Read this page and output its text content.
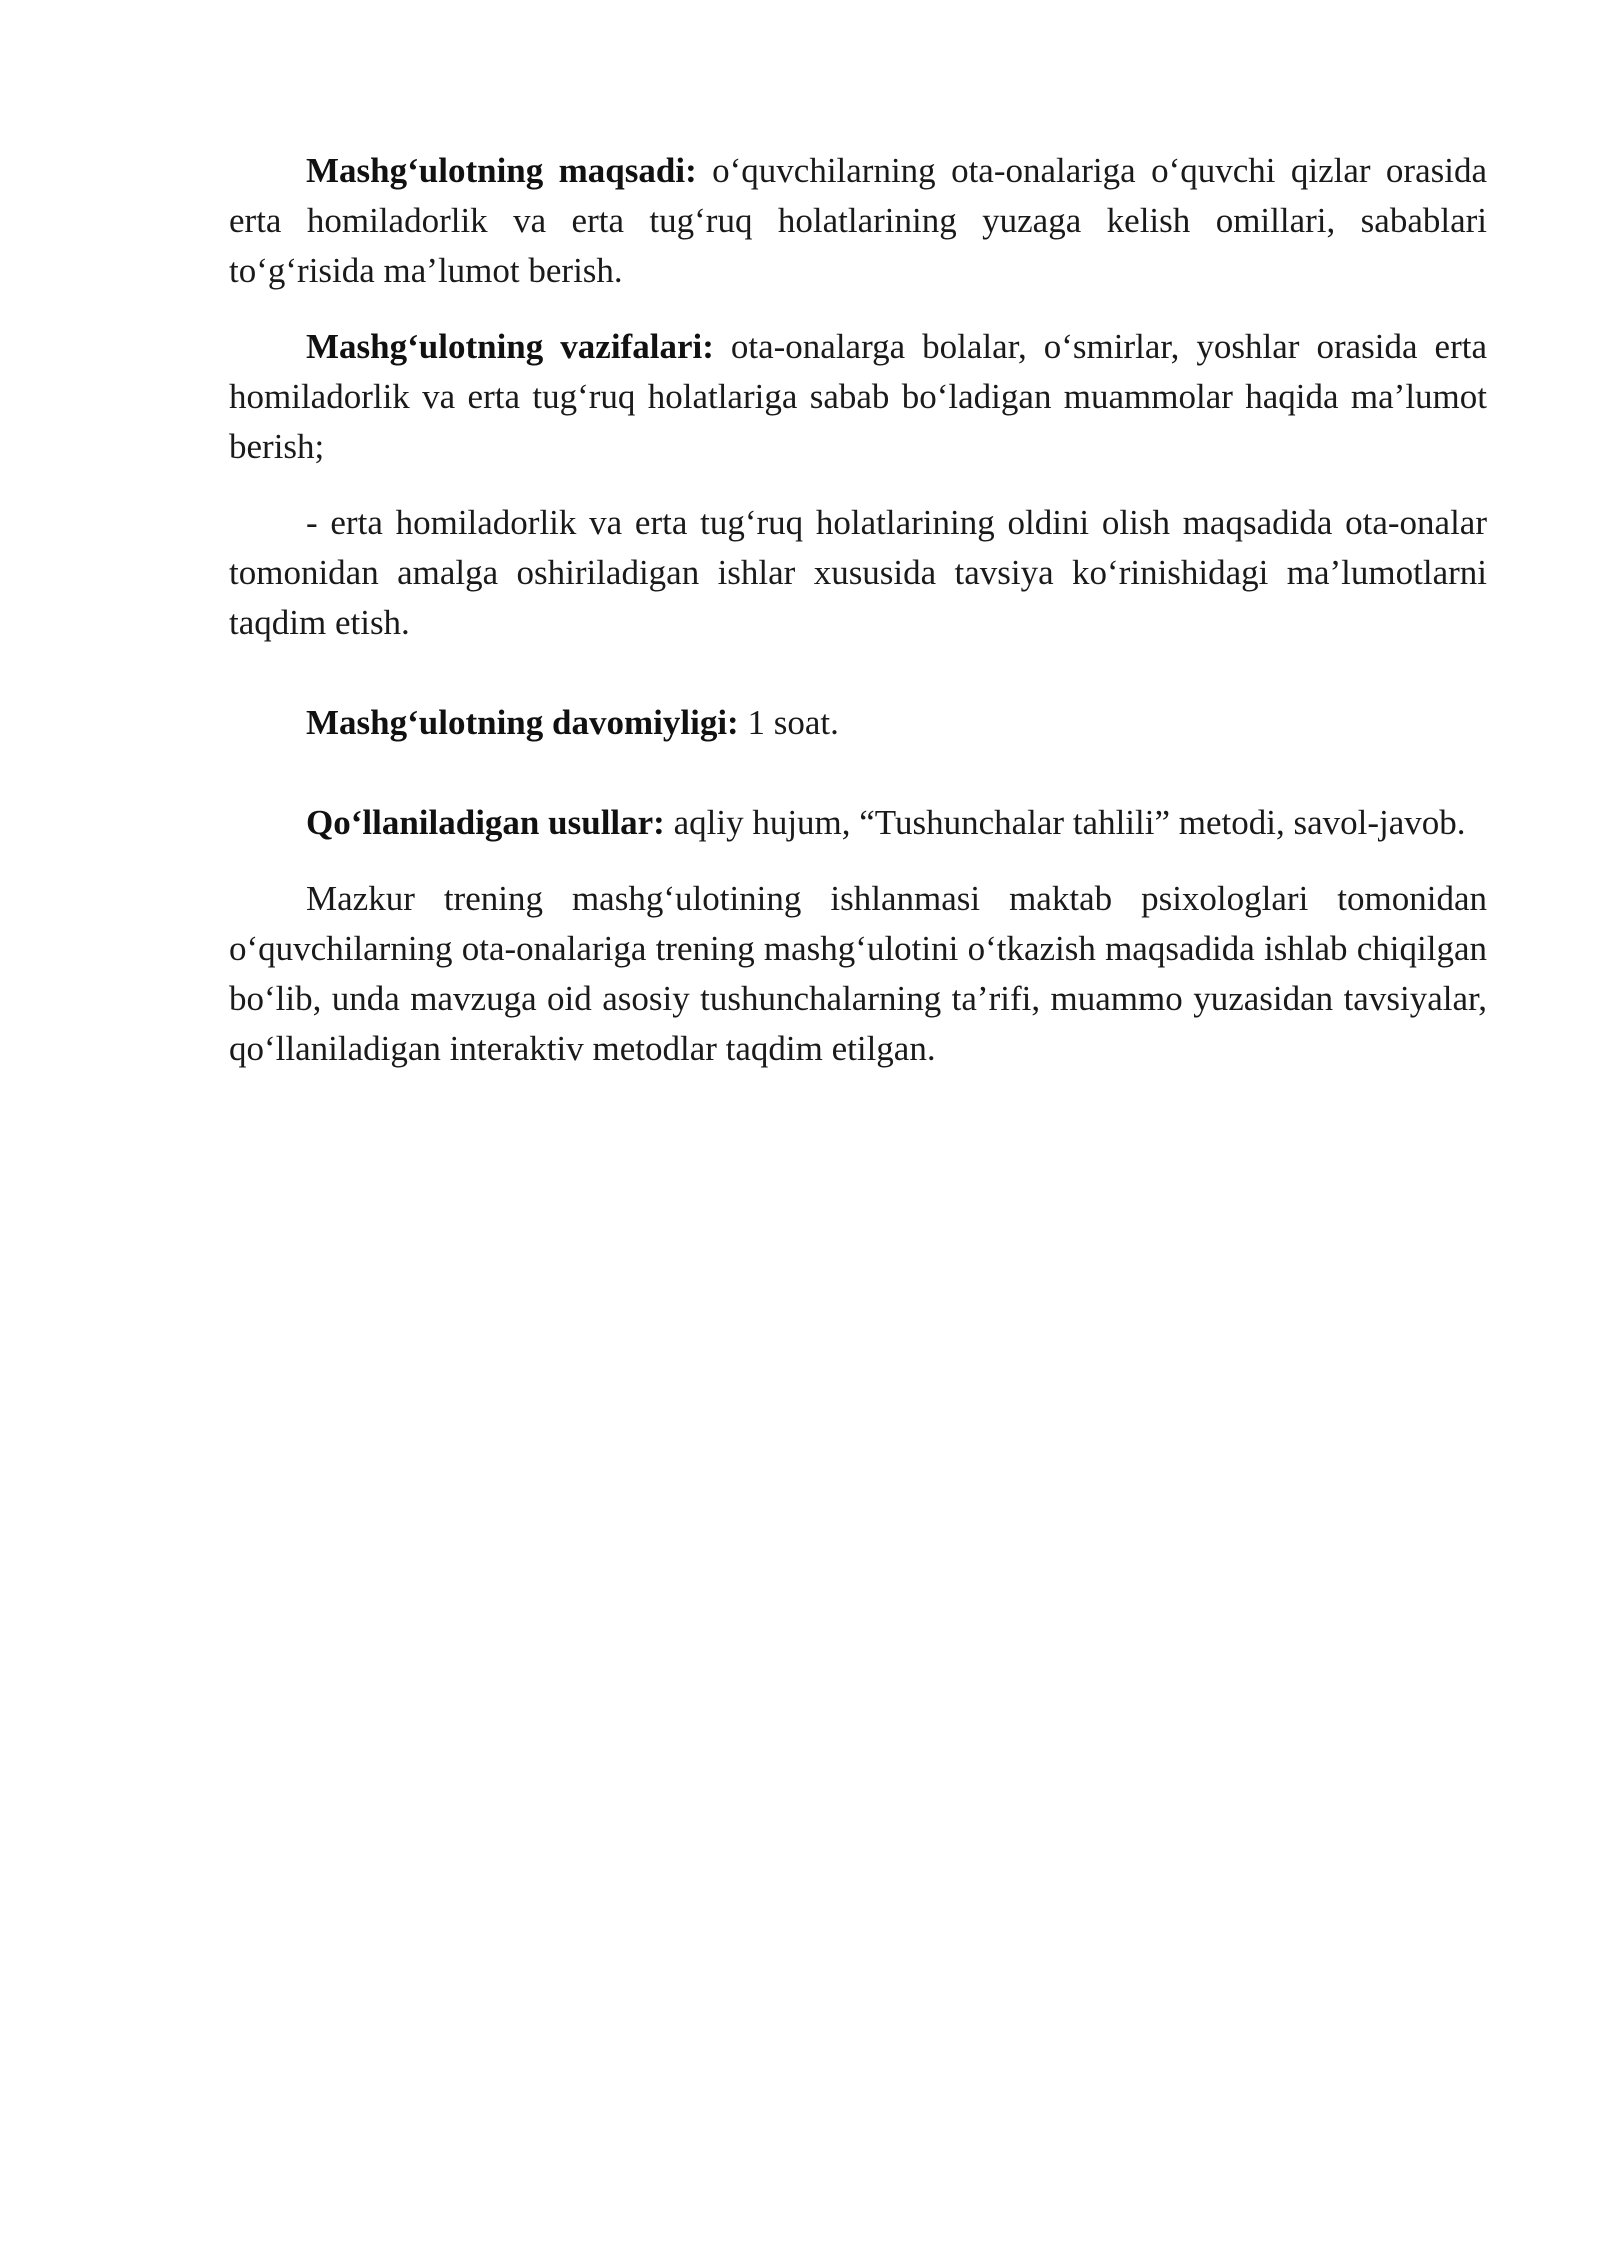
Mashg‘ulotning maqsadi: o‘quvchilarning ota-onalariga o‘quvchi qizlar orasida erta homiladorlik va erta tug‘ruq holatlarining yuzaga kelish omillari, sabablari to‘g‘risida ma’lumot berish.

Mashg‘ulotning vazifalari: ota-onalarga bolalar, o‘smirlar, yoshlar orasida erta homiladorlik va erta tug‘ruq holatlariga sabab bo‘ladigan muammolar haqida ma’lumot berish;

- erta homiladorlik va erta tug‘ruq holatlarining oldini olish maqsadida ota-onalar tomonidan amalga oshiriladigan ishlar xususida tavsiya ko‘rinishidagi ma’lumotlarni taqdim etish.

Mashg‘ulotning davomiyligi: 1 soat.

Qo‘llaniladigan usullar: aqliy hujum, “Tushunchalar tahlili” metodi, savol-javob.

Mazkur trening mashg‘ulotining ishlanmasi maktab psixologlari tomonidan o‘quvchilarning ota-onalariga trening mashg‘ulotini o‘tkazish maqsadida ishlab chiqilgan bo‘lib, unda mavzuga oid asosiy tushunchalarning ta’rifi, muammo yuzasidan tavsiyalar, qo‘llaniladigan interaktiv metodlar taqdim etilgan.
